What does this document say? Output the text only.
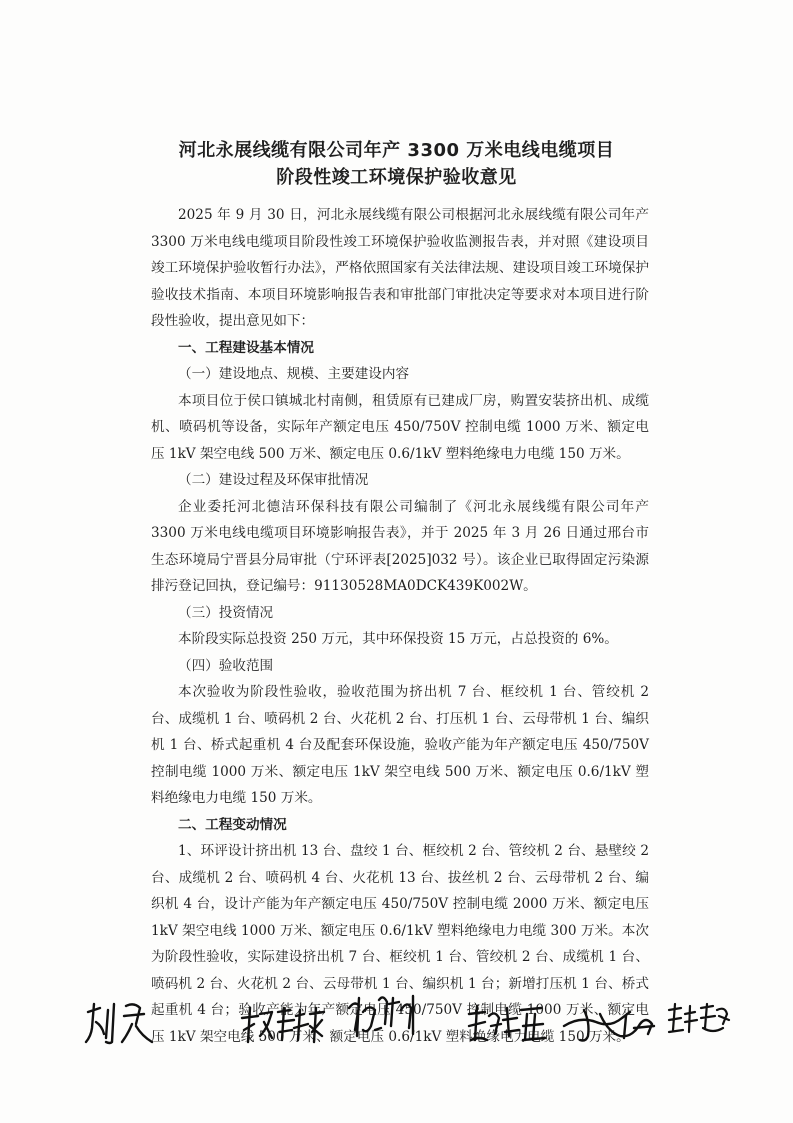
河北永展线缆有限公司年产 3300 万米电线电缆项目
阶段性竣工环境保护验收意见

2025 年 9 月 30 日，河北永展线缆有限公司根据河北永展线缆有限公司年产 3300 万米电线电缆项目阶段性竣工环境保护验收监测报告表，并对照《建设项目竣工环境保护验收暂行办法》，严格依照国家有关法律法规、建设项目竣工环境保护验收技术指南、本项目环境影响报告表和审批部门审批决定等要求对本项目进行阶段性验收，提出意见如下：

一、工程建设基本情况

（一）建设地点、规模、主要建设内容

本项目位于侯口镇城北村南侧，租赁原有已建成厂房，购置安装挤出机、成缆机、喷码机等设备，实际年产额定电压 450/750V 控制电缆 1000 万米、额定电压 1kV 架空电线 500 万米、额定电压 0.6/1kV 塑料绝缘电力电缆 150 万米。

（二）建设过程及环保审批情况

企业委托河北德洁环保科技有限公司编制了《河北永展线缆有限公司年产 3300 万米电线电缆项目环境影响报告表》，并于 2025 年 3 月 26 日通过邢台市生态环境局宁晋县分局审批（宁环评表[2025]032 号）。该企业已取得固定污染源排污登记回执，登记编号：91130528MA0DCK439K002W。

（三）投资情况

本阶段实际总投资 250 万元，其中环保投资 15 万元，占总投资的 6%。

（四）验收范围

本次验收为阶段性验收，验收范围为挤出机 7 台、框绞机 1 台、管绞机 2 台、成缆机 1 台、喷码机 2 台、火花机 2 台、打压机 1 台、云母带机 1 台、编织机 1 台、桥式起重机 4 台及配套环保设施，验收产能为年产额定电压 450/750V 控制电缆 1000 万米、额定电压 1kV 架空电线 500 万米、额定电压 0.6/1kV 塑料绝缘电力电缆 150 万米。

二、工程变动情况

1、环评设计挤出机 13 台、盘绞 1 台、框绞机 2 台、管绞机 2 台、悬壁绞 2 台、成缆机 2 台、喷码机 4 台、火花机 13 台、拔丝机 2 台、云母带机 2 台、编织机 4 台，设计产能为年产额定电压 450/750V 控制电缆 2000 万米、额定电压 1kV 架空电线 1000 万米、额定电压 0.6/1kV 塑料绝缘电力电缆 300 万米。本次为阶段性验收，实际建设挤出机 7 台、框绞机 1 台、管绞机 2 台、成缆机 1 台、喷码机 2 台、火花机 2 台、云母带机 1 台、编织机 1 台；新增打压机 1 台、桥式起重机 4 台；验收产能为年产额定电压 450/750V 控制电缆 1000 万米、额定电压 1kV 架空电线 500 万米、额定电压 0.6/1kV 塑料绝缘电力电缆 150 万米。
